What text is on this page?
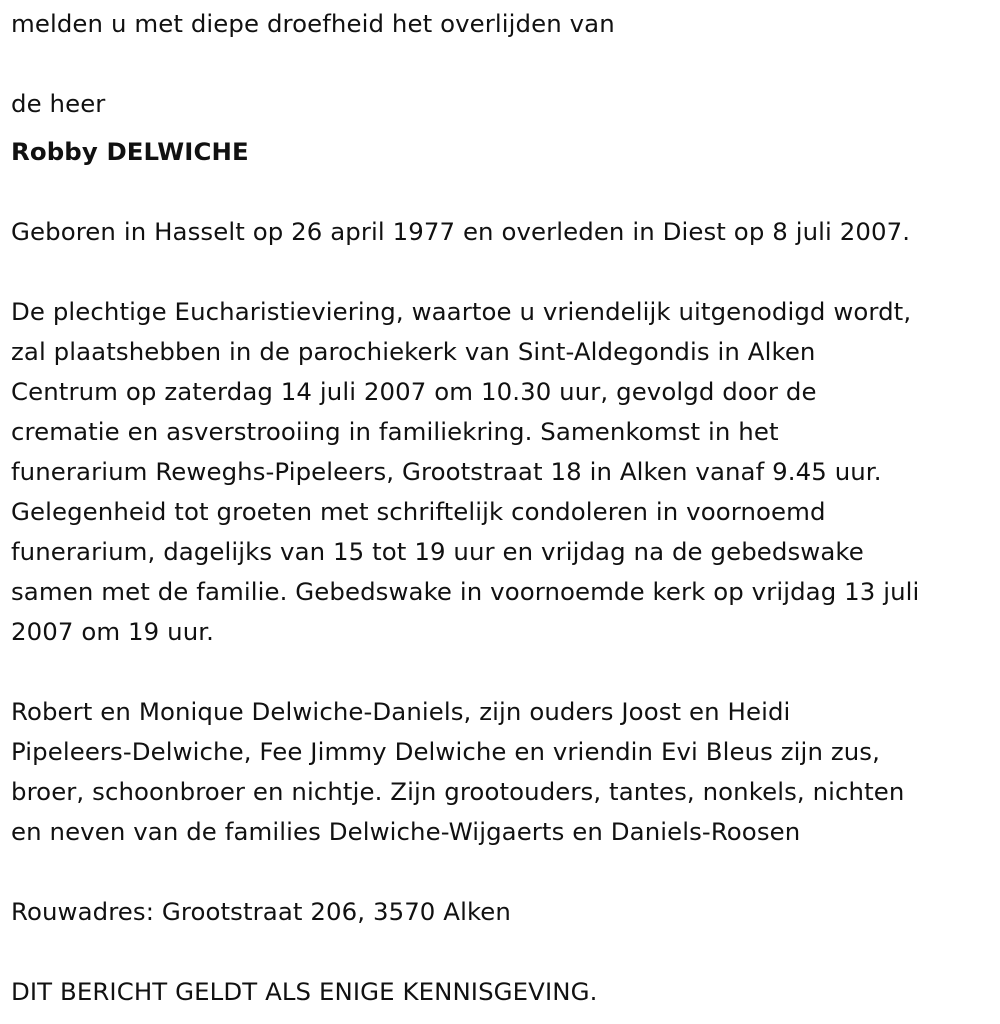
melden u met diepe droefheid het overlijden van
de heer
Robby DELWICHE
Geboren in Hasselt op 26 april 1977 en overleden in Diest op 8 juli 2007.
De plechtige Eucharistieviering, waartoe u vriendelijk uitgenodigd wordt,
zal plaatshebben in de parochiekerk van Sint-Aldegondis in Alken
Centrum op zaterdag 14 juli 2007 om 10.30 uur, gevolgd door de
crematie en asverstrooiing in familiekring. Samenkomst in het
funerarium Reweghs-Pipeleers, Grootstraat 18 in Alken vanaf 9.45 uur.
Gelegenheid tot groeten met schriftelijk condoleren in voornoemd
funerarium, dagelijks van 15 tot 19 uur en vrijdag na de gebedswake
samen met de familie. Gebedswake in voornoemde kerk op vrijdag 13 juli
2007 om 19 uur.
Robert en Monique Delwiche-Daniels, zijn ouders Joost en Heidi
Pipeleers-Delwiche, Fee Jimmy Delwiche en vriendin Evi Bleus zijn zus,
broer, schoonbroer en nichtje. Zijn grootouders, tantes, nonkels, nichten
en neven van de families Delwiche-Wijgaerts en Daniels-Roosen
Rouwadres: Grootstraat 206, 3570 Alken
DIT BERICHT GELDT ALS ENIGE KENNISGEVING.
